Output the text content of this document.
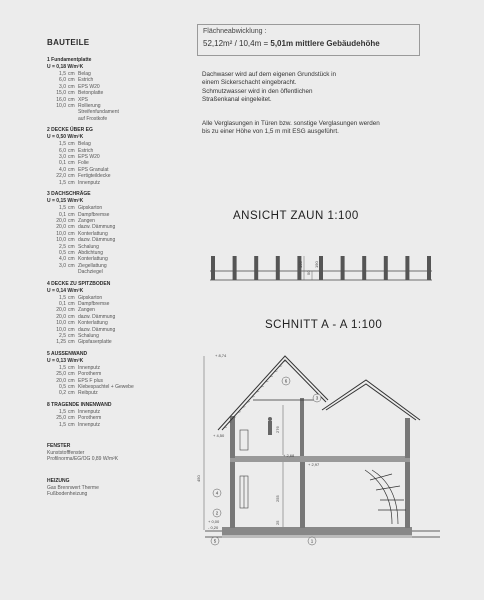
BAUTEILE
1 Fundamentplatte
U = 0,18 W/m²K
1,5 cm Belag
6,0 cm Estrich
3,0 cm EPS W20
15,0 cm Betonplatte
16,0 cm XPS
10,0 cm Rollierung
Streifenfundament
auf Frostkofe
2 DECKE ÜBER EG
U = 0,50 W/m²K
1,5 cm Belag
6,0 cm Estrich
3,0 cm EPS W20
0,1 cm Folie
4,0 cm EPS Granulat
22,0 cm Fertigteildecke
1,5 cm Innenputz
3 DACHSCHRÄGE
U = 0,15 W/m²K
1,5 cm Gipskarton
0,1 cm Dampfbremse
20,0 cm Zangen
20,0 cm dazw. Dämmung
10,0 cm Konterlattung
10,0 cm dazw. Dämmung
2,5 cm Schalung
0,5 cm Abdichtung
4,0 cm Konterlattung
3,0 cm Ziegellattung
Dachziegel
4 DECKE ZU SPITZBODEN
U = 0,14 W/m²K
1,5 cm Gipskarton
0,1 cm Dampfbremse
20,0 cm Zangen
20,0 cm dazw. Dämmung
10,0 cm Konterlattung
10,0 cm dazw. Dämmung
2,5 cm Schalung
1,25 cm Gipsfaserplatte
5 AUSSENWAND
U = 0,13 W/m²K
1,5 cm Innenputz
25,0 cm Porotherm
20,0 cm EPS F plus
0,5 cm Klebespachtel + Gewebe
0,2 cm Reibputz
8 TRAGENDE INNENWAND
1,5 cm Innenputz
25,0 cm Porotherm
1,5 cm Innenputz
FENSTER
Kunststofffenster
Profilnorma/EG/OG 0,89 W/m²K
HEIZUNG
Gas Brennwert Therme
Fußbodenheizung
Flächneabwicklung :
52,12m² / 10,4m = 5,01m mittlere Gebäudehöhe
Dachwaser wird auf dem eigenen Grundstück in
einem Sickerschacht eingebracht.
Schmutzwasser wird in den öffentlichen
Straßenkanal eingeleitet.
Alle Verglasungen in Türen bzw. sonstige Verglasungen werden
bis zu einer Höhe von 1,5 m mit ESG ausgeführt.
ANSICHT ZAUN 1:100
SCHNITT A - A 1:100
100
50
190
+ 8,74
+ 4,50
+ 2,97
+ 2,68
+ 0,00
- 0,20
450
276
255
25
6
3
4
2
5	1
